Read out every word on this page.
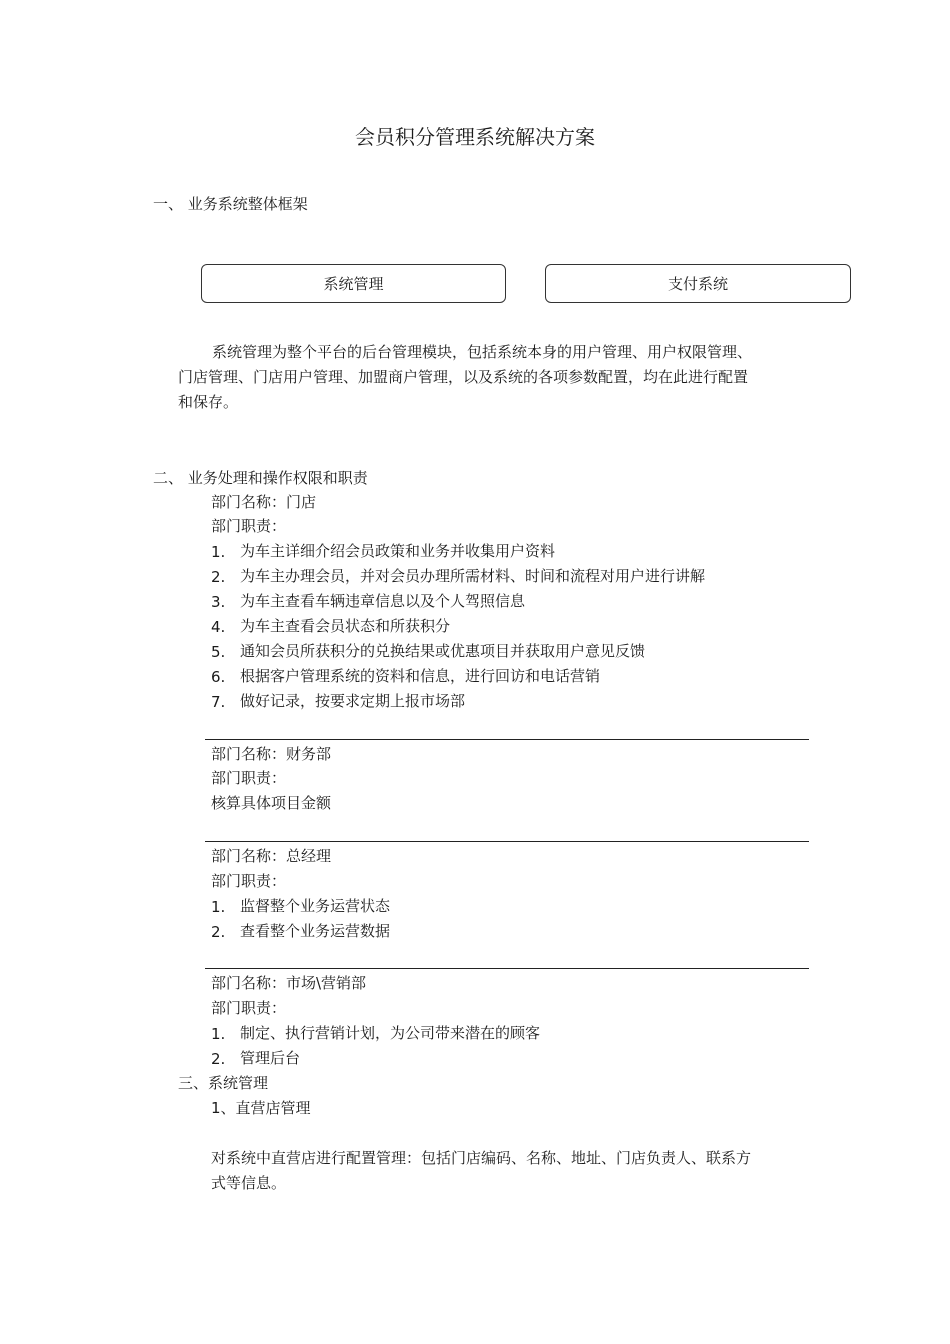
会员积分管理系统解决方案
一、 业务系统整体框架
系统管理	支付系统
系统管理为整个平台的后台管理模块，包括系统本身的用户管理、用户权限管理、
门店管理、门店用户管理、加盟商户管理，以及系统的各项参数配置，均在此进行配置
和保存。
二、 业务处理和操作权限和职责
部门名称：门店
部门职责：
1. 为车主详细介绍会员政策和业务并收集用户资料
2. 为车主办理会员，并对会员办理所需材料、时间和流程对用户进行讲解
3. 为车主查看车辆违章信息以及个人驾照信息
4. 为车主查看会员状态和所获积分
5. 通知会员所获积分的兑换结果或优惠项目并获取用户意见反馈
6. 根据客户管理系统的资料和信息，进行回访和电话营销
7. 做好记录，按要求定期上报市场部
部门名称：财务部
部门职责：
核算具体项目金额
部门名称：总经理
部门职责：
1. 监督整个业务运营状态
2. 查看整个业务运营数据
部门名称：市场\营销部
部门职责：
1. 制定、执行营销计划，为公司带来潜在的顾客
2. 管理后台
三、系统管理
1、直营店管理
对系统中直营店进行配置管理：包括门店编码、名称、地址、门店负责人、联系方
式等信息。
